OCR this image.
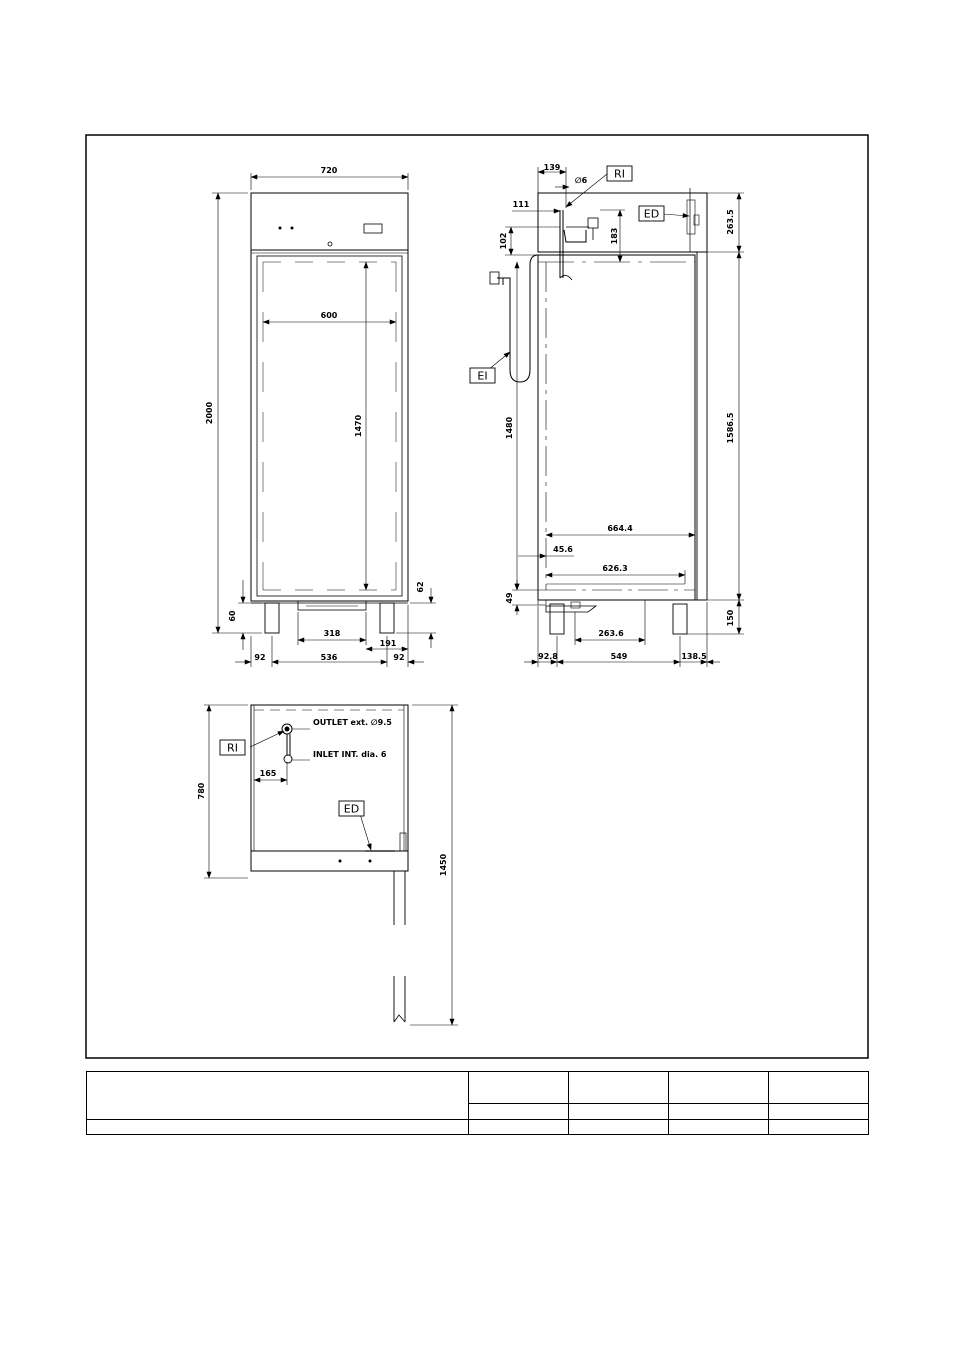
720
600
2000
1470
60
62
318
191
92	536	92
139
∅6
111
102	183
263.5
1586.5
150
1480
49
664.4
45.6
626.3
263.6
92.8	549	138.5
RI
ED
EI
780
1450
165
OUTLET ext. ∅9.5
INLET INT. dia. 6
RI
ED
